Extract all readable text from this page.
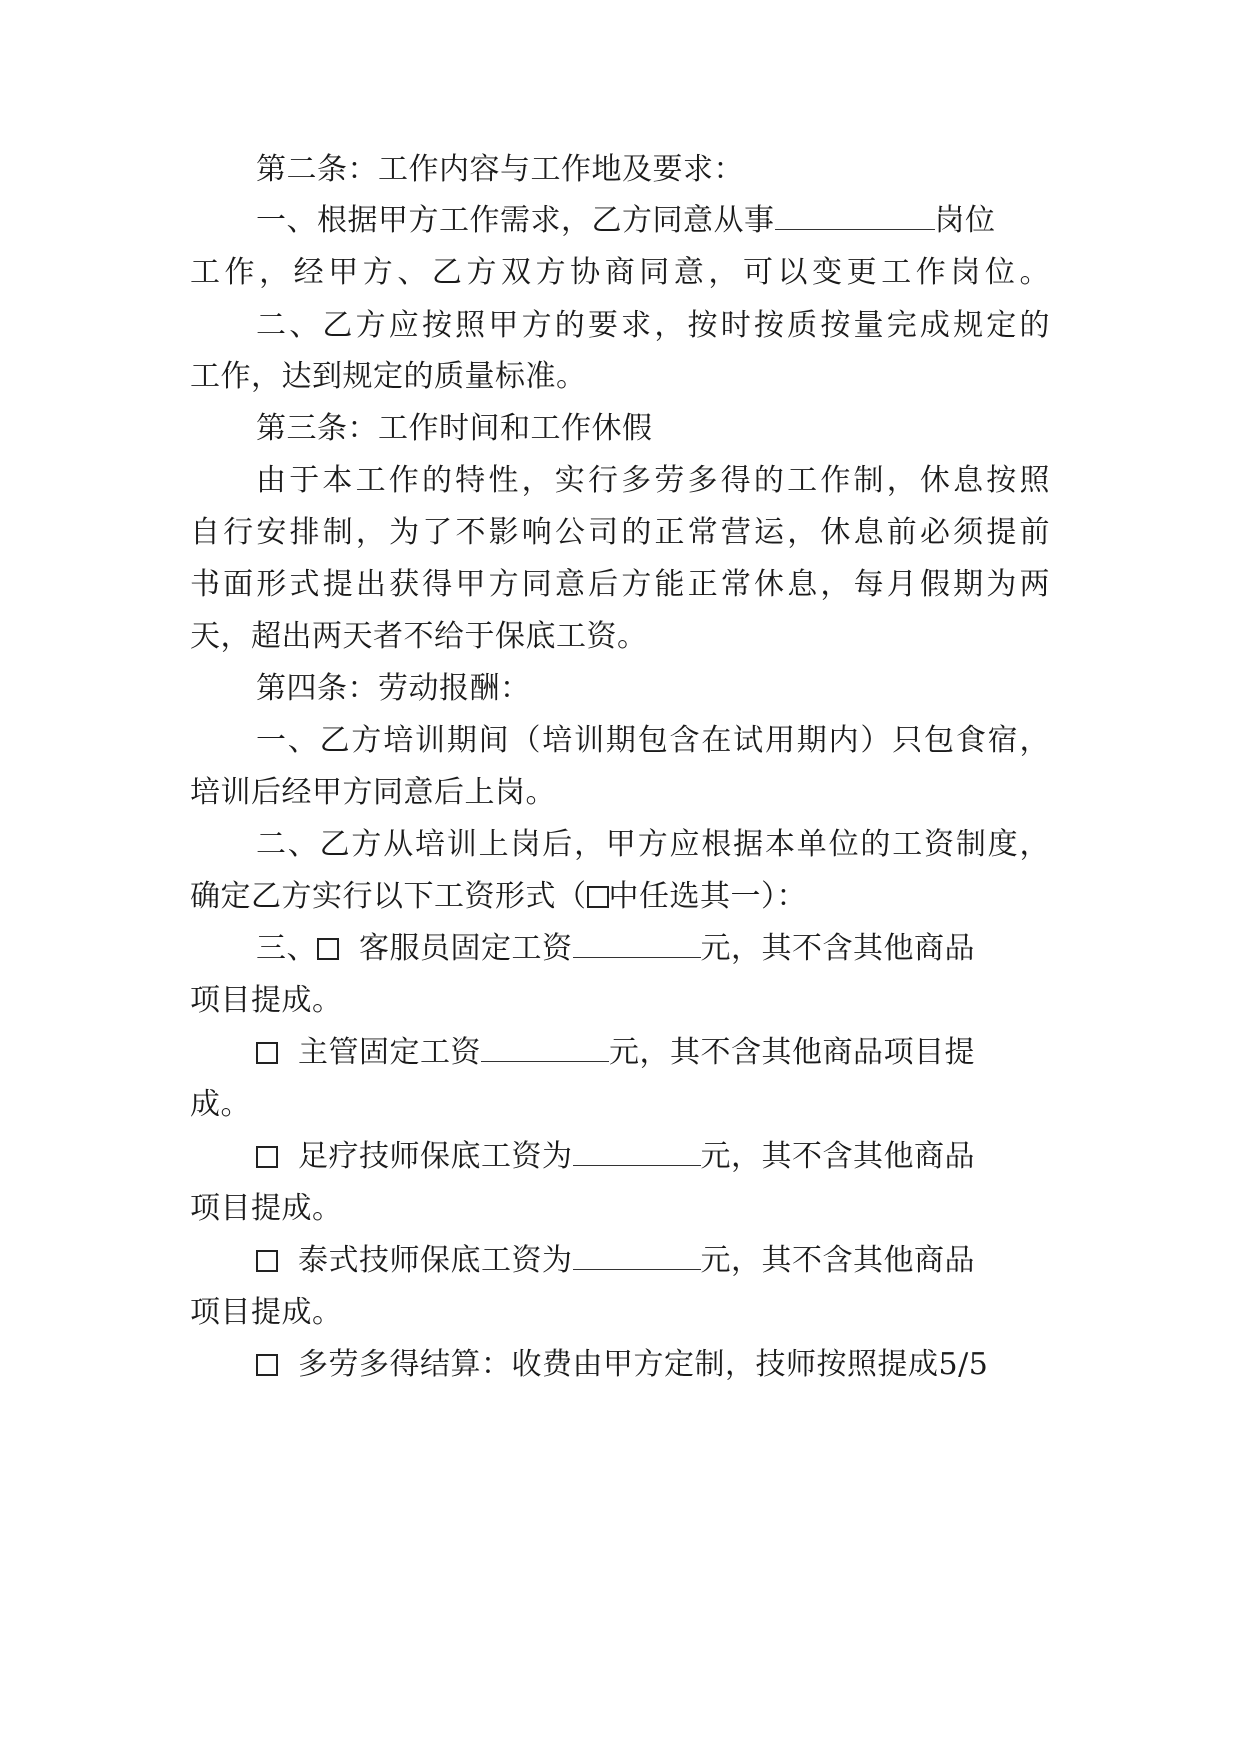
第二条：工作内容与工作地及要求：
一、根据甲方工作需求，乙方同意从事	岗位
工作，经甲方、乙方双方协商同意，可以变更工作岗位。
二、乙方应按照甲方的要求，按时按质按量完成规定的
工作，达到规定的质量标准。
第三条：工作时间和工作休假
由于本工作的特性，实行多劳多得的工作制，休息按照
自行安排制，为了不影响公司的正常营运，休息前必须提前
书面形式提出获得甲方同意后方能正常休息，每月假期为两
天，超出两天者不给于保底工资。
第四条：劳动报酬：
一、乙方培训期间（培训期包含在试用期内）只包食宿，
培训后经甲方同意后上岗。
二、乙方从培训上岗后，甲方应根据本单位的工资制度，
确定乙方实行以下工资形式（ 中任选其一）：
三、 客服员固定工资	元，其不含其他商品
项目提成。
主管固定工资	元，其不含其他商品项目提
成。
足疗技师保底工资为	元，其不含其他商品
项目提成。
泰式技师保底工资为	元，其不含其他商品
项目提成。
多劳多得结算：收费由甲方定制，技师按照提成5/5
